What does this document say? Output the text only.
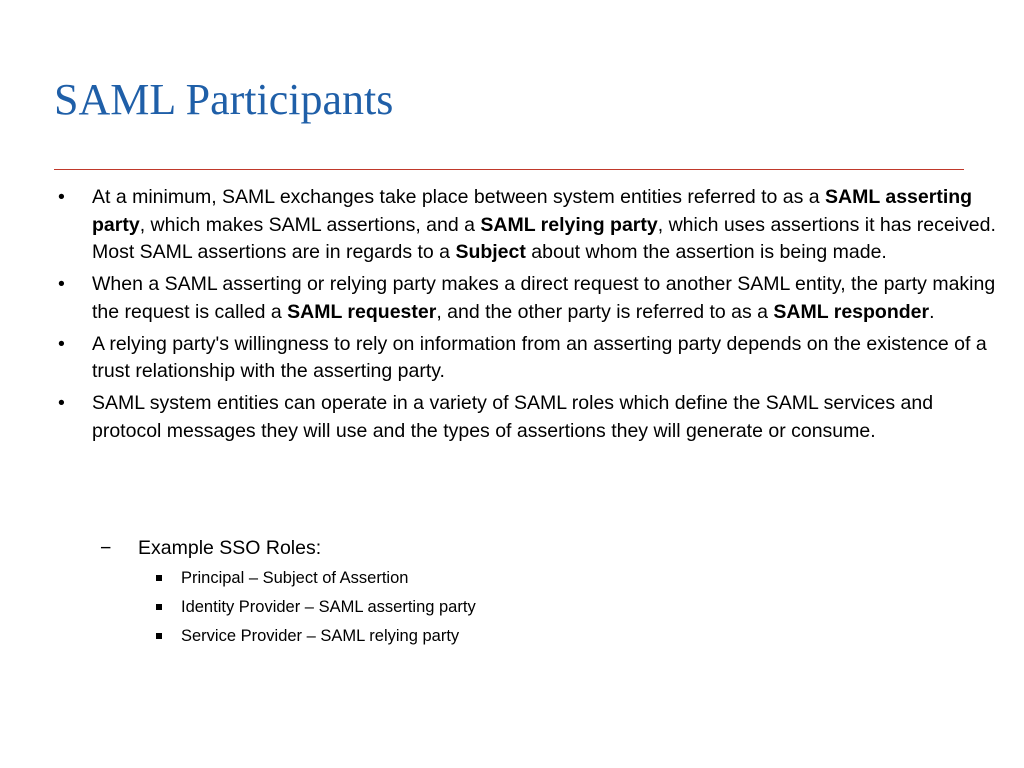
SAML Participants
•	At a minimum, SAML exchanges take place between system entities referred to as a SAML asserting party, which makes SAML assertions, and a SAML relying party, which uses assertions it has received. Most SAML assertions are in regards to a Subject about whom the assertion is being made.
•	When a SAML asserting or relying party makes a direct request to another SAML entity, the party making the request is called a SAML requester, and the other party is referred to as a SAML responder.
•	A relying party's willingness to rely on information from an asserting party depends on the existence of a trust relationship with the asserting party.
•	SAML system entities can operate in a variety of SAML roles which define the SAML services and protocol messages they will use and the types of assertions they will generate or consume.
− Example SSO Roles:
Principal – Subject of Assertion
Identity Provider – SAML asserting party
Service Provider – SAML relying party
